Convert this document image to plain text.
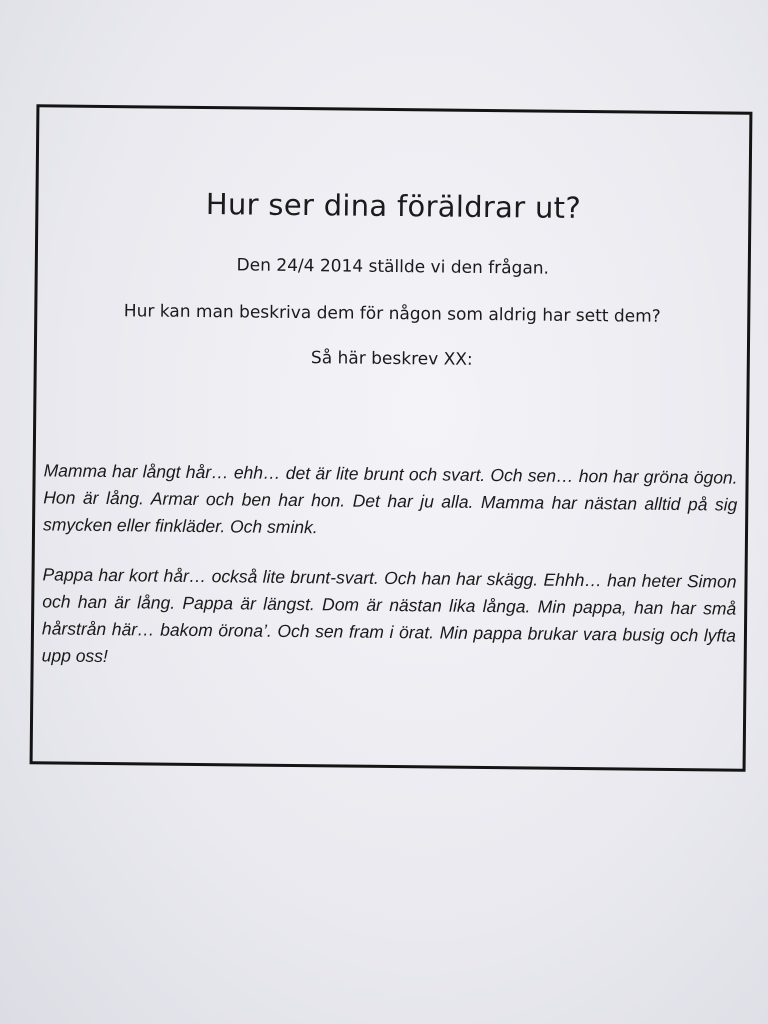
Hur ser dina föräldrar ut?
Den 24/4 2014 ställde vi den frågan.
Hur kan man beskriva dem för någon som aldrig har sett dem?
Så här beskrev XX:
Mamma har långt hår… ehh… det är lite brunt och svart. Och sen… hon har gröna ögon. Hon är lång. Armar och ben har hon. Det har ju alla. Mamma har nästan alltid på sig smycken eller finkläder. Och smink.
Pappa har kort hår… också lite brunt-svart. Och han har skägg. Ehhh… han heter Simon och han är lång. Pappa är längst. Dom är nästan lika långa. Min pappa, han har små hårstrån här… bakom örona’. Och sen fram i örat. Min pappa brukar vara busig och lyfta upp oss!
